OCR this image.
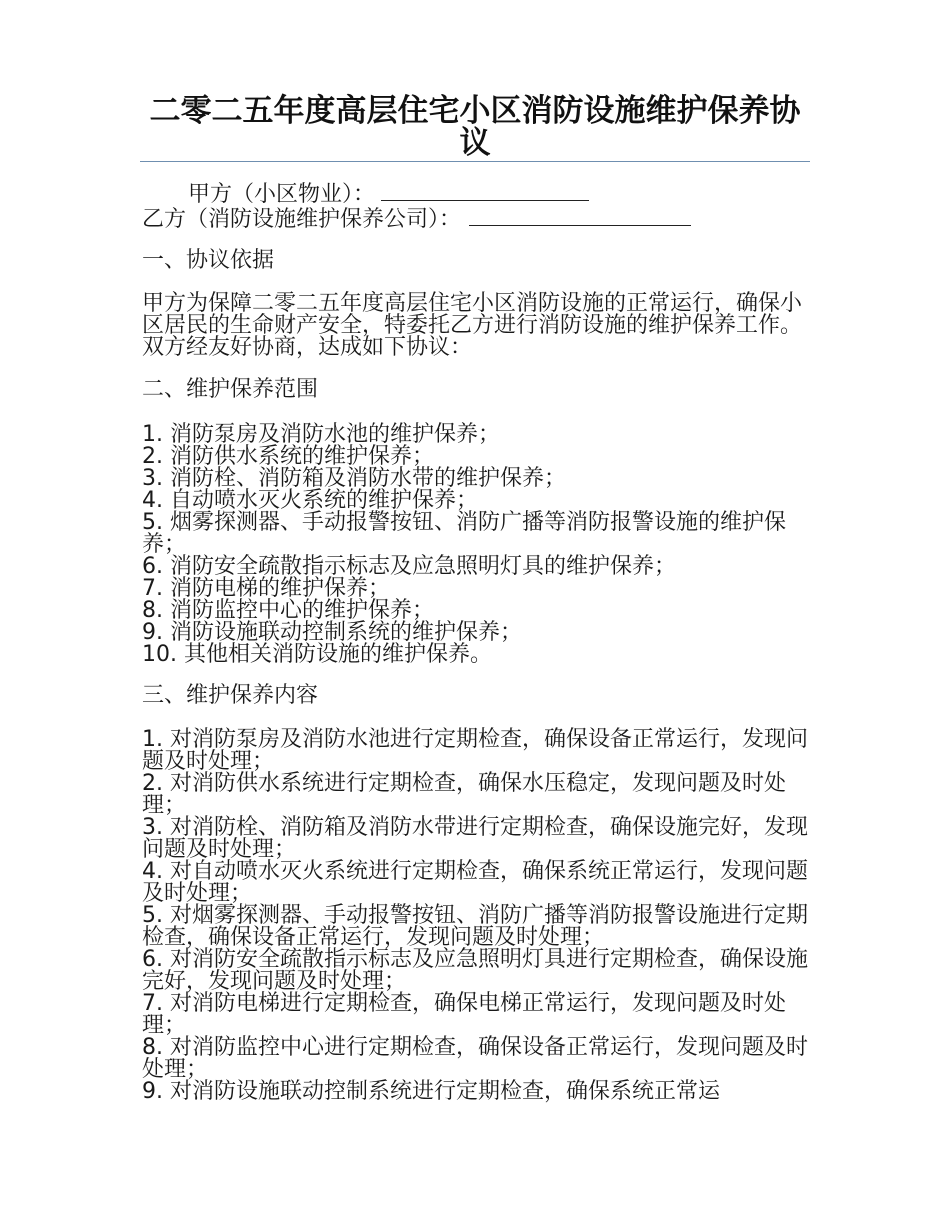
二零二五年度高层住宅小区消防设施维护保养协议
甲方（小区物业）：
乙方（消防设施维护保养公司）：
一、协议依据
甲方为保障二零二五年度高层住宅小区消防设施的正常运行，确保小区居民的生命财产安全，特委托乙方进行消防设施的维护保养工作。双方经友好协商，达成如下协议：
二、维护保养范围
1. 消防泵房及消防水池的维护保养；
2. 消防供水系统的维护保养；
3. 消防栓、消防箱及消防水带的维护保养；
4. 自动喷水灭火系统的维护保养；
5. 烟雾探测器、手动报警按钮、消防广播等消防报警设施的维护保养；
6. 消防安全疏散指示标志及应急照明灯具的维护保养；
7. 消防电梯的维护保养；
8. 消防监控中心的维护保养；
9. 消防设施联动控制系统的维护保养；
10. 其他相关消防设施的维护保养。
三、维护保养内容
1. 对消防泵房及消防水池进行定期检查，确保设备正常运行，发现问题及时处理；
2. 对消防供水系统进行定期检查，确保水压稳定，发现问题及时处理；
3. 对消防栓、消防箱及消防水带进行定期检查，确保设施完好，发现问题及时处理；
4. 对自动喷水灭火系统进行定期检查，确保系统正常运行，发现问题及时处理；
5. 对烟雾探测器、手动报警按钮、消防广播等消防报警设施进行定期检查，确保设备正常运行，发现问题及时处理；
6. 对消防安全疏散指示标志及应急照明灯具进行定期检查，确保设施完好，发现问题及时处理；
7. 对消防电梯进行定期检查，确保电梯正常运行，发现问题及时处理；
8. 对消防监控中心进行定期检查，确保设备正常运行，发现问题及时处理；
9. 对消防设施联动控制系统进行定期检查，确保系统正常运
